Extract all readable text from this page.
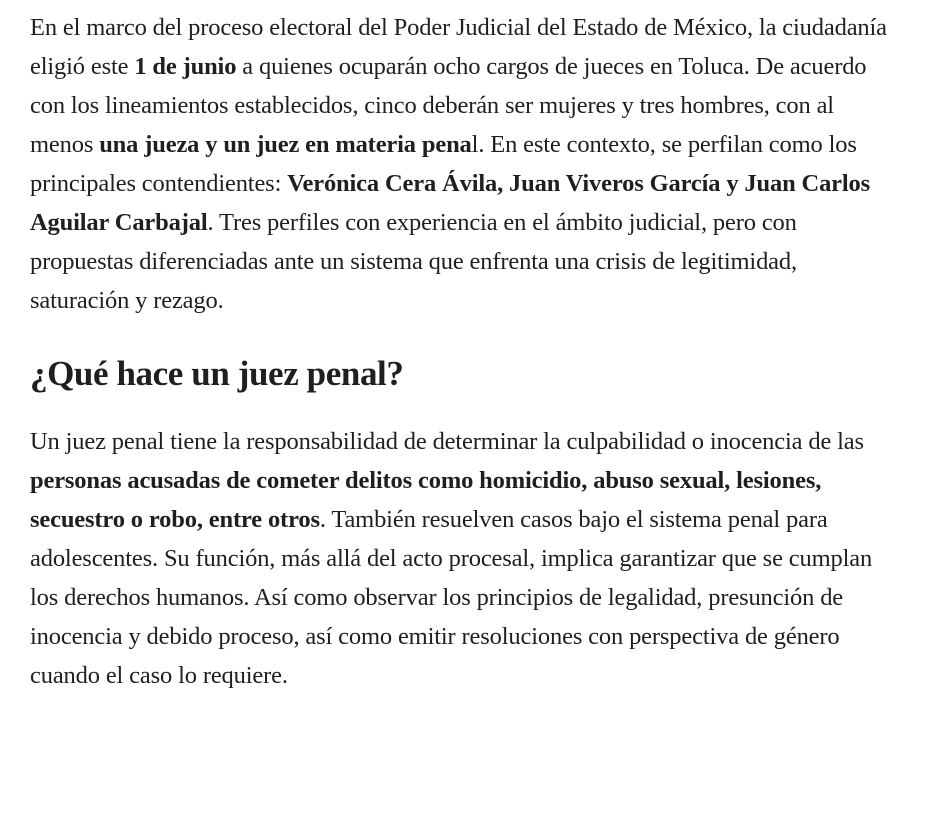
En el marco del proceso electoral del Poder Judicial del Estado de México, la ciudadanía eligió este 1 de junio a quienes ocuparán ocho cargos de jueces en Toluca. De acuerdo con los lineamientos establecidos, cinco deberán ser mujeres y tres hombres, con al menos una jueza y un juez en materia penal. En este contexto, se perfilan como los principales contendientes: Verónica Cera Ávila, Juan Viveros García y Juan Carlos Aguilar Carbajal. Tres perfiles con experiencia en el ámbito judicial, pero con propuestas diferenciadas ante un sistema que enfrenta una crisis de legitimidad, saturación y rezago.

¿Qué hace un juez penal?

Un juez penal tiene la responsabilidad de determinar la culpabilidad o inocencia de las personas acusadas de cometer delitos como homicidio, abuso sexual, lesiones, secuestro o robo, entre otros. También resuelven casos bajo el sistema penal para adolescentes. Su función, más allá del acto procesal, implica garantizar que se cumplan los derechos humanos. Así como observar los principios de legalidad, presunción de inocencia y debido proceso, así como emitir resoluciones con perspectiva de género cuando el caso lo requiere.
